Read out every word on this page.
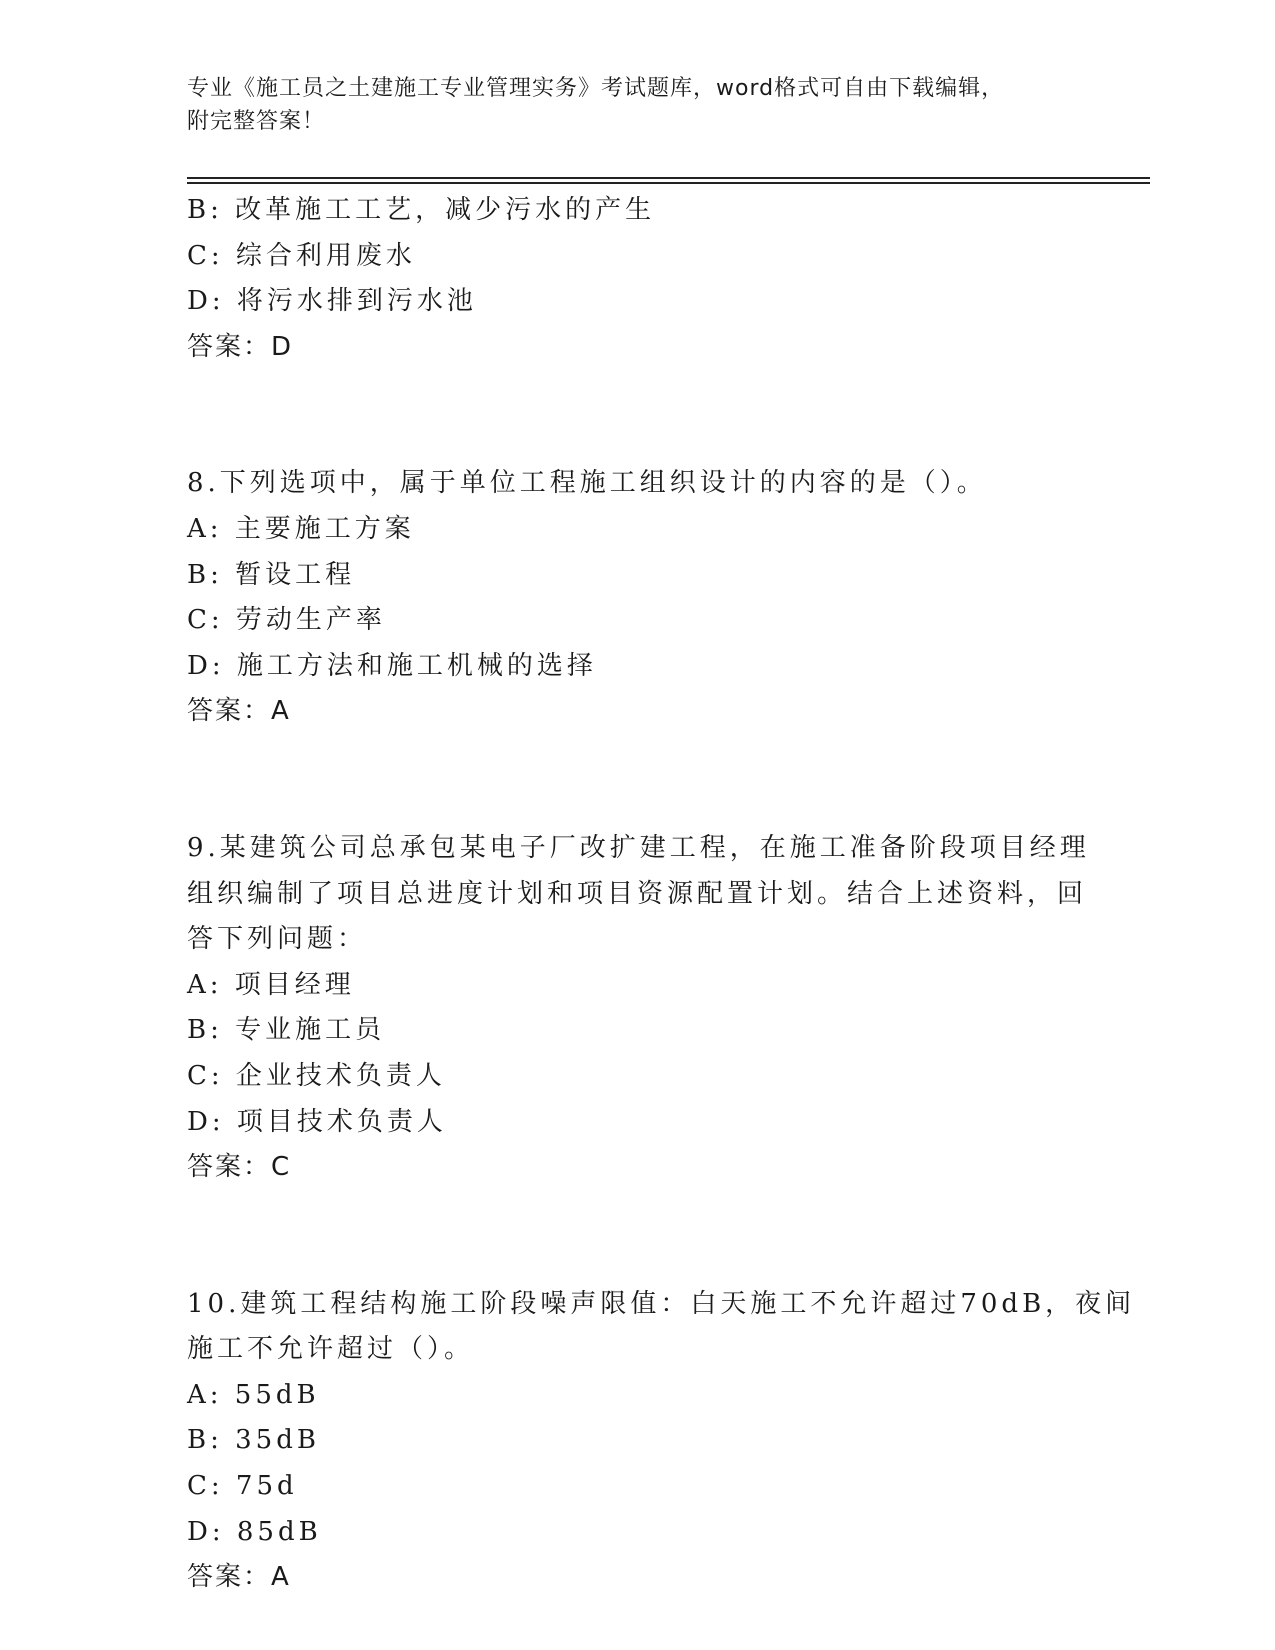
专业《施工员之土建施工专业管理实务》考试题库，word格式可自由下载编辑，
附完整答案！
B: 改革施工工艺，减少污水的产生
C: 综合利用废水
D: 将污水排到污水池
答案：D
8.下列选项中，属于单位工程施工组织设计的内容的是（）。
A: 主要施工方案
B: 暂设工程
C: 劳动生产率
D: 施工方法和施工机械的选择
答案：A
9.某建筑公司总承包某电子厂改扩建工程，在施工准备阶段项目经理
组织编制了项目总进度计划和项目资源配置计划。结合上述资料，回
答下列问题：
A: 项目经理
B: 专业施工员
C: 企业技术负责人
D: 项目技术负责人
答案：C
10.建筑工程结构施工阶段噪声限值：白天施工不允许超过70dB，夜间
施工不允许超过（）。
A: 55dB
B: 35dB
C: 75d
D: 85dB
答案：A
